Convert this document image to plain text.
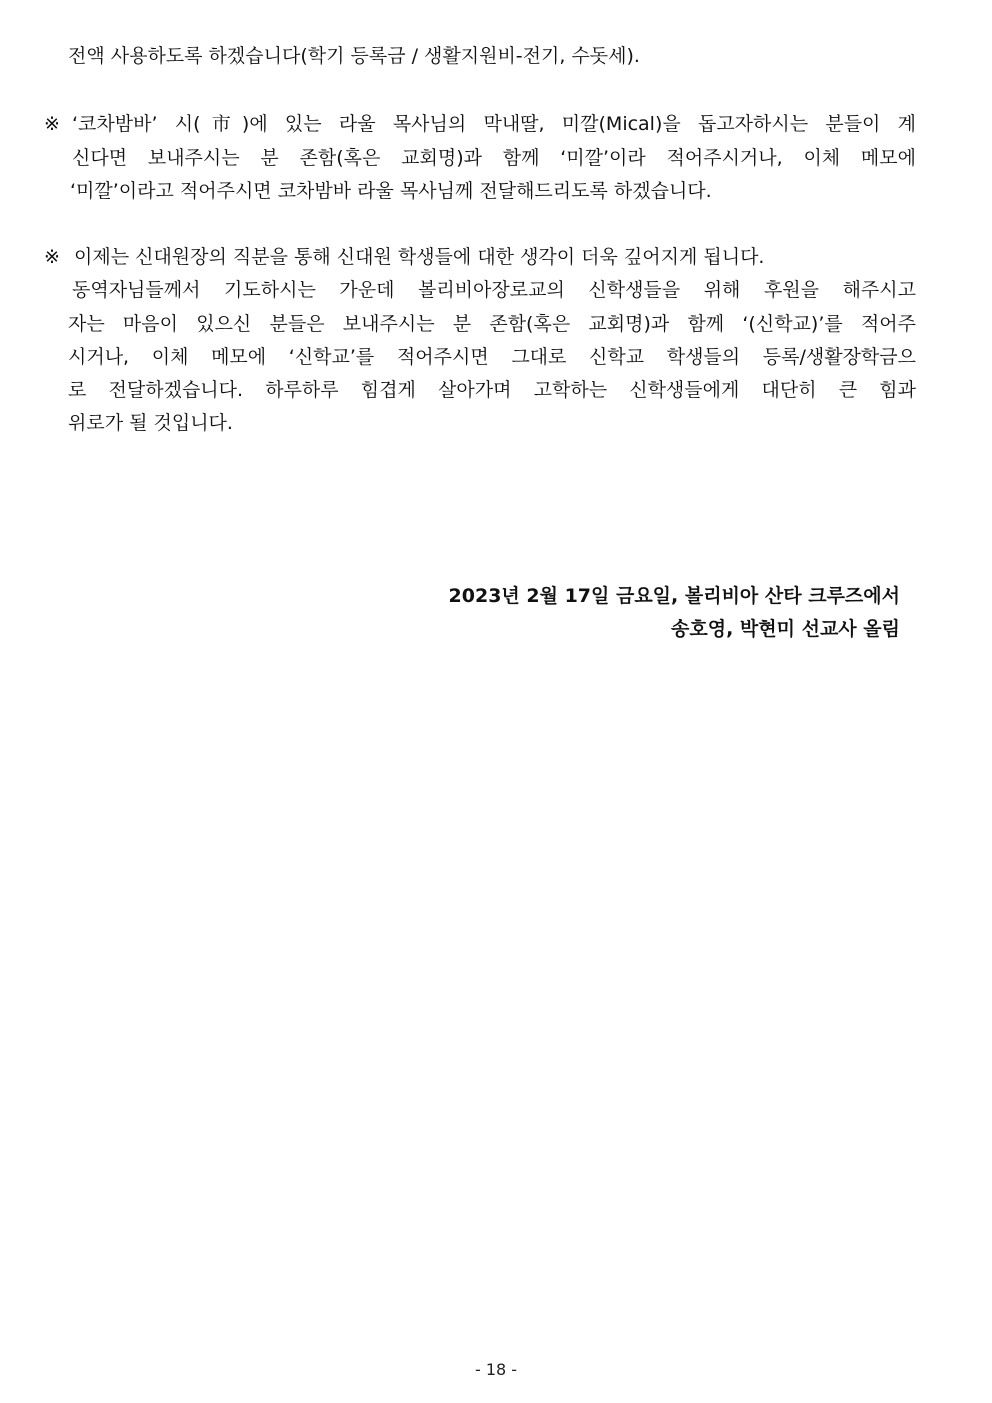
전액 사용하도록 하겠습니다(학기 등록금 / 생활지원비-전기, 수돗세).
※ ‘코차밤바’ 시(市)에 있는 라울 목사님의 막내딸, 미깔(Mical)을 돕고자하시는 분들이 계
신다면 보내주시는 분 존함(혹은 교회명)과 함께 ‘미깔’이라 적어주시거나, 이체 메모에
‘미깔’이라고 적어주시면 코차밤바 라울 목사님께 전달해드리도록 하겠습니다.
※ 이제는 신대원장의 직분을 통해 신대원 학생들에 대한 생각이 더욱 깊어지게 됩니다.
동역자님들께서 기도하시는 가운데 볼리비아장로교의 신학생들을 위해 후원을 해주시고
자는 마음이 있으신 분들은 보내주시는 분 존함(혹은 교회명)과 함께 ‘(신학교)’를 적어주
시거나, 이체 메모에 ‘신학교’를 적어주시면 그대로 신학교 학생들의 등록/생활장학금으
로 전달하겠습니다. 하루하루 힘겹게 살아가며 고학하는 신학생들에게 대단히 큰 힘과
위로가 될 것입니다.
2023년 2월 17일 금요일, 볼리비아 산타 크루즈에서
송호영, 박현미 선교사 올림
- 18 -
